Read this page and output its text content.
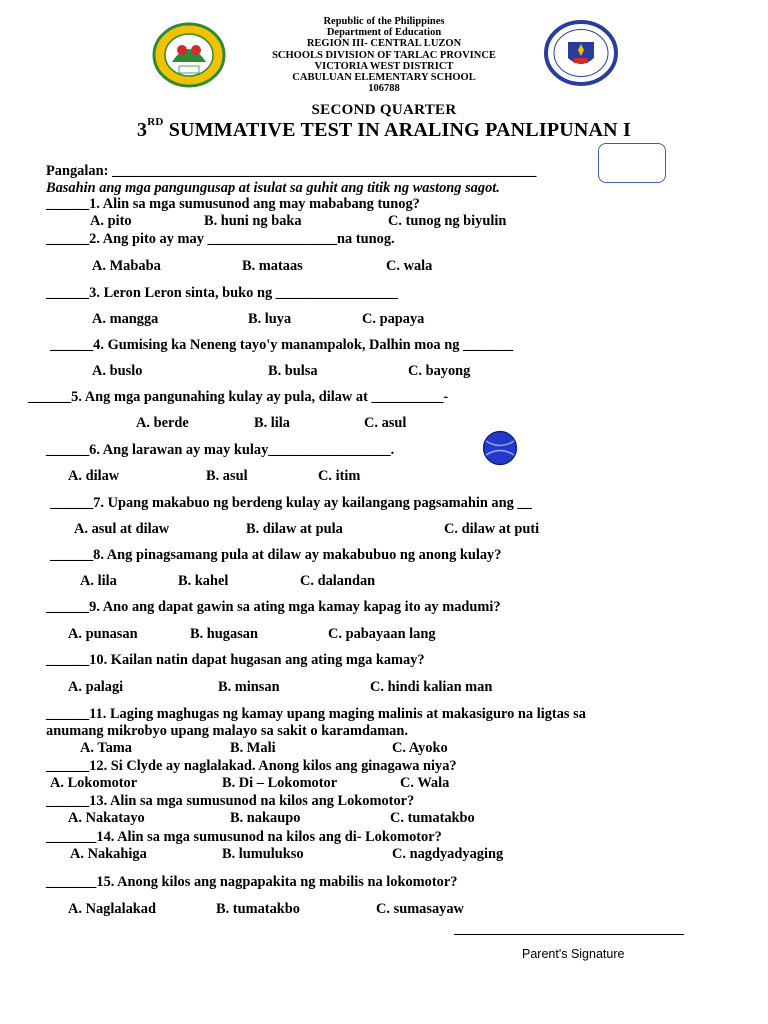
Republic of the Philippines
Department of Education
REGION III- CENTRAL LUZON
SCHOOLS DIVISION OF TARLAC PROVINCE
VICTORIA WEST DISTRICT
CABULUAN ELEMENTARY SCHOOL
106788
SECOND QUARTER
3RD SUMMATIVE TEST IN ARALING PANLIPUNAN I
Pangalan: ___________________________________________________________
Basahin ang mga pangungusap at isulat sa guhit ang titik ng wastong sagot.
______1. Alin sa mga sumusunod ang may mababang tunog?
A. pito	B. huni ng baka	C. tunog ng biyulin
______2. Ang pito ay may __________________na tunog.
A. Mababa	B. mataas	C. wala
______3. Leron Leron sinta, buko ng _________________
A. mangga	B. luya	C. papaya
______4. Gumising ka Neneng tayo'y manampalok, Dalhin moa ng _______
A. buslo	B. bulsa	C. bayong
______5. Ang mga pangunahing kulay ay pula, dilaw at __________-
A. berde	B. lila	C. asul
______6. Ang larawan ay may kulay_________________.
A. dilaw	B. asul	C. itim
______7. Upang makabuo ng berdeng kulay ay kailangang pagsamahin ang __
A. asul at dilaw	B. dilaw at pula	C. dilaw at puti
______8. Ang pinagsamang pula at dilaw ay makabubuo ng anong kulay?
A. lila	B. kahel	C. dalandan
______9. Ano ang dapat gawin sa ating mga kamay kapag ito ay madumi?
A. punasan	B. hugasan	C. pabayaan lang
______10. Kailan natin dapat hugasan ang ating mga kamay?
A. palagi	B. minsan	C. hindi kalian man
______11. Laging maghugas ng kamay upang maging malinis at makasiguro na ligtas sa
anumang mikrobyo upang malayo sa sakit o karamdaman.
A. Tama	B. Mali	C. Ayoko
______12. Si Clyde ay naglalakad. Anong kilos ang ginagawa niya?
A. Lokomotor	B. Di – Lokomotor	C. Wala
______13. Alin sa mga sumusunod na kilos ang Lokomotor?
A. Nakatayo	B. nakaupo	C. tumatakbo
_______14. Alin sa mga sumusunod na kilos ang di- Lokomotor?
A. Nakahiga	B. lumulukso	C. nagdyadyaging
_______15. Anong kilos ang nagpapakita ng mabilis na lokomotor?
A. Naglalakad	B. tumatakbo	C. sumasayaw
Parent's Signature
